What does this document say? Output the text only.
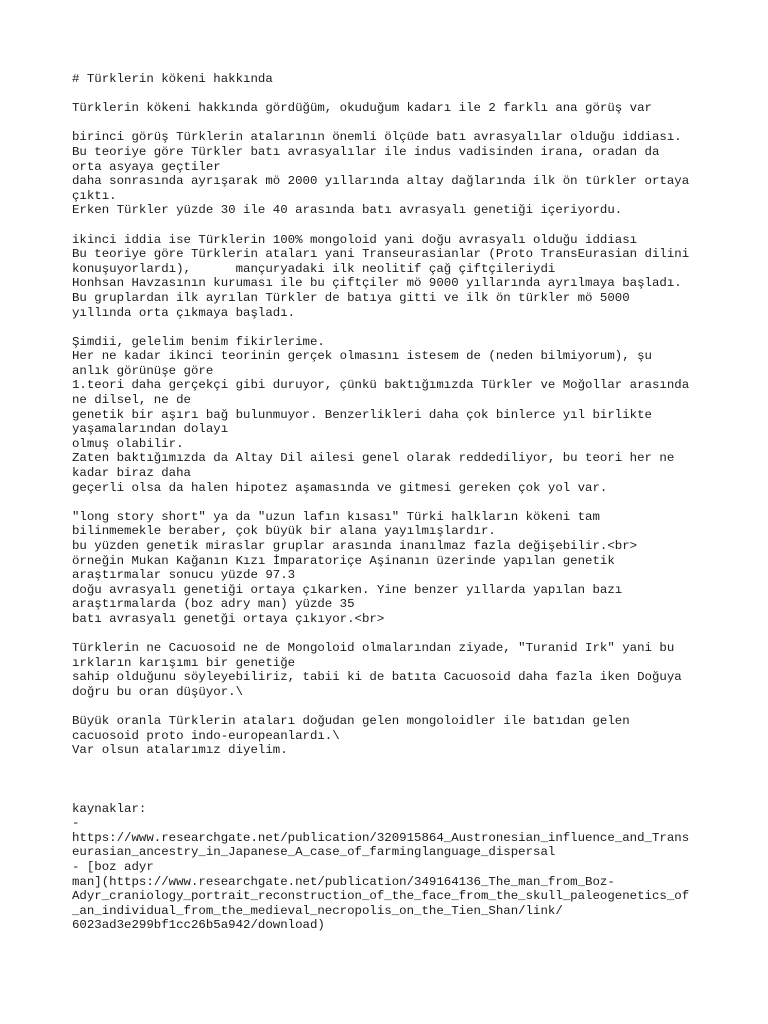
# Türklerin kökeni hakkında
Türklerin kökeni hakkında gördüğüm, okuduğum kadarı ile 2 farklı ana görüş var
birinci görüş Türklerin atalarının önemli ölçüde batı avrasyalılar olduğu iddiası.
Bu teoriye göre Türkler batı avrasyalılar ile indus vadisinden irana, oradan da
orta asyaya geçtiler
daha sonrasında ayrışarak mö 2000 yıllarında altay dağlarında ilk ön türkler ortaya
çıktı.
Erken Türkler yüzde 30 ile 40 arasında batı avrasyalı genetiği içeriyordu.
ikinci iddia ise Türklerin 100% mongoloid yani doğu avrasyalı olduğu iddiası
Bu teoriye göre Türklerin ataları yani Transeurasianlar (Proto TransEurasian dilini
konuşuyorlardı),      mançuryadaki ilk neolitif çağ çiftçileriydi
Honhsan Havzasının kuruması ile bu çiftçiler mö 9000 yıllarında ayrılmaya başladı.
Bu gruplardan ilk ayrılan Türkler de batıya gitti ve ilk ön türkler mö 5000
yıllında orta çıkmaya başladı.
Şimdii, gelelim benim fikirlerime.
Her ne kadar ikinci teorinin gerçek olmasını istesem de (neden bilmiyorum), şu
anlık görünüşe göre
1.teori daha gerçekçi gibi duruyor, çünkü baktığımızda Türkler ve Moğollar arasında
ne dilsel, ne de
genetik bir aşırı bağ bulunmuyor. Benzerlikleri daha çok binlerce yıl birlikte
yaşamalarından dolayı
olmuş olabilir.
Zaten baktığımızda da Altay Dil ailesi genel olarak reddediliyor, bu teori her ne
kadar biraz daha
geçerli olsa da halen hipotez aşamasında ve gitmesi gereken çok yol var.
"long story short" ya da "uzun lafın kısası" Türki halkların kökeni tam
bilinmemekle beraber, çok büyük bir alana yayılmışlardır.
bu yüzden genetik miraslar gruplar arasında inanılmaz fazla değişebilir.<br>
örneğin Mukan Kağanın Kızı İmparatoriçe Aşinanın üzerinde yapılan genetik
araştırmalar sonucu yüzde 97.3
doğu avrasyalı genetiği ortaya çıkarken. Yine benzer yıllarda yapılan bazı
araştırmalarda (boz adry man) yüzde 35
batı avrasyalı genetği ortaya çıkıyor.<br>
Türklerin ne Cacuosoid ne de Mongoloid olmalarından ziyade, "Turanid Irk" yani bu
ırkların karışımı bir genetiğe
sahip olduğunu söyleyebiliriz, tabii ki de batıta Cacuosoid daha fazla iken Doğuya
doğru bu oran düşüyor.\
Büyük oranla Türklerin ataları doğudan gelen mongoloidler ile batıdan gelen
cacuosoid proto indo-europeanlardı.\
Var olsun atalarımız diyelim.
kaynaklar:
-
https://www.researchgate.net/publication/320915864_Austronesian_influence_and_Trans
eurasian_ancestry_in_Japanese_A_case_of_farminglanguage_dispersal
- [boz adyr
man](https://www.researchgate.net/publication/349164136_The_man_from_Boz-
Adyr_craniology_portrait_reconstruction_of_the_face_from_the_skull_paleogenetics_of
_an_individual_from_the_medieval_necropolis_on_the_Tien_Shan/link/
6023ad3e299bf1cc26b5a942/download)
